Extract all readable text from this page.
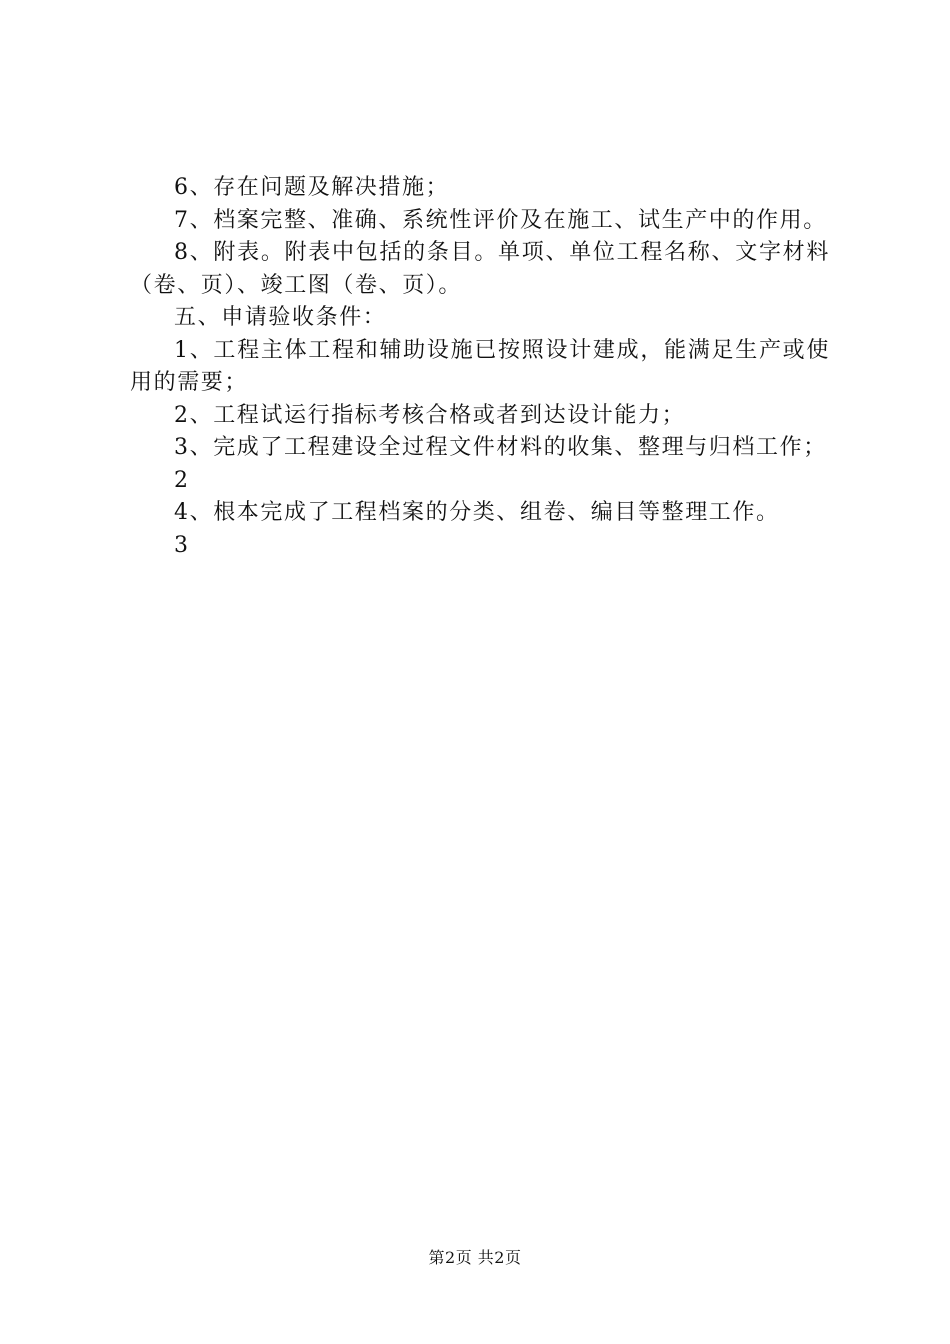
6、存在问题及解决措施；

7、档案完整、准确、系统性评价及在施工、试生产中的作用。

8、附表。附表中包括的条目。单项、单位工程名称、文字材料（卷、页）、竣工图（卷、页）。

五、申请验收条件：

1、工程主体工程和辅助设施已按照设计建成，能满足生产或使用的需要；

2、工程试运行指标考核合格或者到达设计能力；

3、完成了工程建设全过程文件材料的收集、整理与归档工作；

2

4、根本完成了工程档案的分类、组卷、编目等整理工作。

3

第2页 共2页
